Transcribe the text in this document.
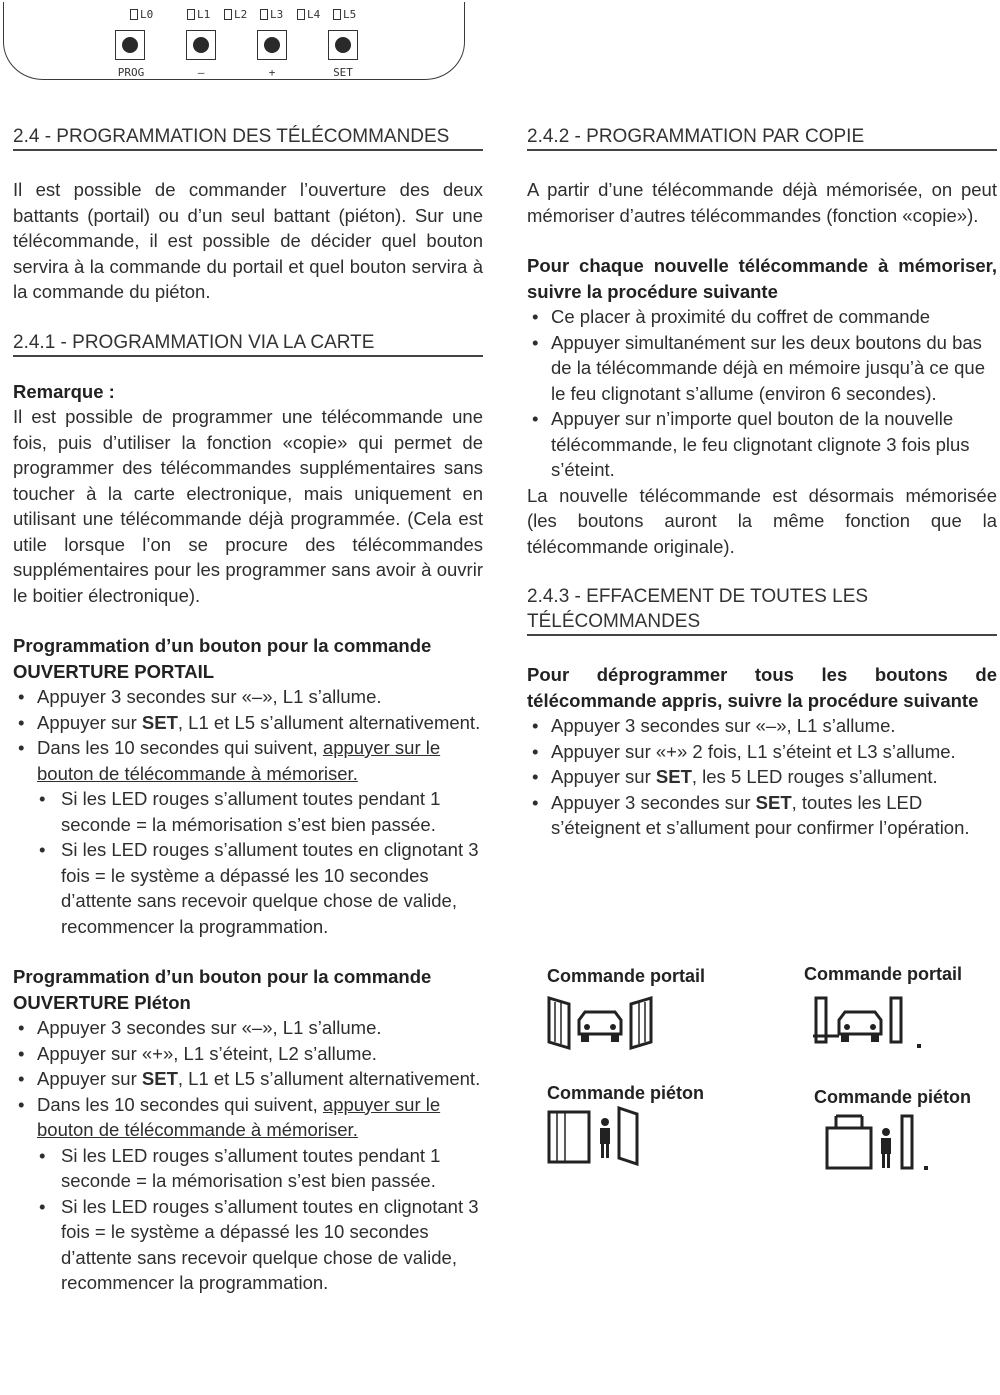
L0	L1 L2 L3 L4 L5
PROG	–	+	SET
2.4 - PROGRAMMATION DES TÉLÉCOMMANDES

Il est possible de commander l’ouverture des deux battants (portail) ou d’un seul battant (piéton). Sur une télécommande, il est possible de décider quel bouton servira à la commande du portail et quel bouton servira à la commande du piéton.

2.4.1 - PROGRAMMATION VIA LA CARTE

Remarque :

Il est possible de programmer une télécommande une fois, puis d’utiliser la fonction «copie» qui permet de programmer des télécommandes supplémentaires sans toucher à la carte electronique, mais uniquement en utilisant une télécommande déjà programmée. (Cela est utile lorsque l’on se procure des télécommandes supplémentaires pour les programmer sans avoir à ouvrir le boitier électronique).

Programmation d’un bouton pour la commande OUVERTURE PORTAIL

• Appuyer 3 secondes sur «–», L1 s’allume.
• Appuyer sur SET, L1 et L5 s’allument alternativement.
• Dans les 10 secondes qui suivent, appuyer sur le bouton de télécommande à mémoriser.
• Si les LED rouges s’allument toutes pendant 1 seconde = la mémorisation s’est bien passée.
• Si les LED rouges s’allument toutes en clignotant 3 fois = le système a dépassé les 10 secondes d’attente sans recevoir quelque chose de valide, recommencer la programmation.

Programmation d’un bouton pour la commande OUVERTURE PIéton

• Appuyer 3 secondes sur «–», L1 s’allume.
• Appuyer sur «+», L1 s’éteint, L2 s’allume.
• Appuyer sur SET, L1 et L5 s’allument alternativement.
• Dans les 10 secondes qui suivent, appuyer sur le bouton de télécommande à mémoriser.
• Si les LED rouges s’allument toutes pendant 1 seconde = la mémorisation s’est bien passée.
• Si les LED rouges s’allument toutes en clignotant 3 fois = le système a dépassé les 10 secondes d’attente sans recevoir quelque chose de valide, recommencer la programmation.
2.4.2 - PROGRAMMATION PAR COPIE

A partir d’une télécommande déjà mémorisée, on peut mémoriser d’autres télécommandes (fonction «copie»).

Pour chaque nouvelle télécommande à mémoriser, suivre la procédure suivante

• Ce placer à proximité du coffret de commande
• Appuyer simultanément sur les deux boutons du bas de la télécommande déjà en mémoire jusqu’à ce que le feu clignotant s’allume (environ 6 secondes).
• Appuyer sur n’importe quel bouton de la nouvelle télécommande, le feu clignotant clignote 3 fois plus s’éteint.

La nouvelle télécommande est désormais mémorisée (les boutons auront la même fonction que la télécommande originale).

2.4.3 - EFFACEMENT DE TOUTES LES TÉLÉCOMMANDES

Pour déprogrammer tous les boutons de télécommande appris, suivre la procédure suivante

• Appuyer 3 secondes sur «–», L1 s’allume.
• Appuyer sur «+» 2 fois, L1 s’éteint et L3 s’allume.
• Appuyer sur SET, les 5 LED rouges s’allument.
• Appuyer 3 secondes sur SET, toutes les LED s’éteignent et s’allument pour confirmer l’opération.
Commande portail	Commande portail
Commande piéton	Commande piéton
